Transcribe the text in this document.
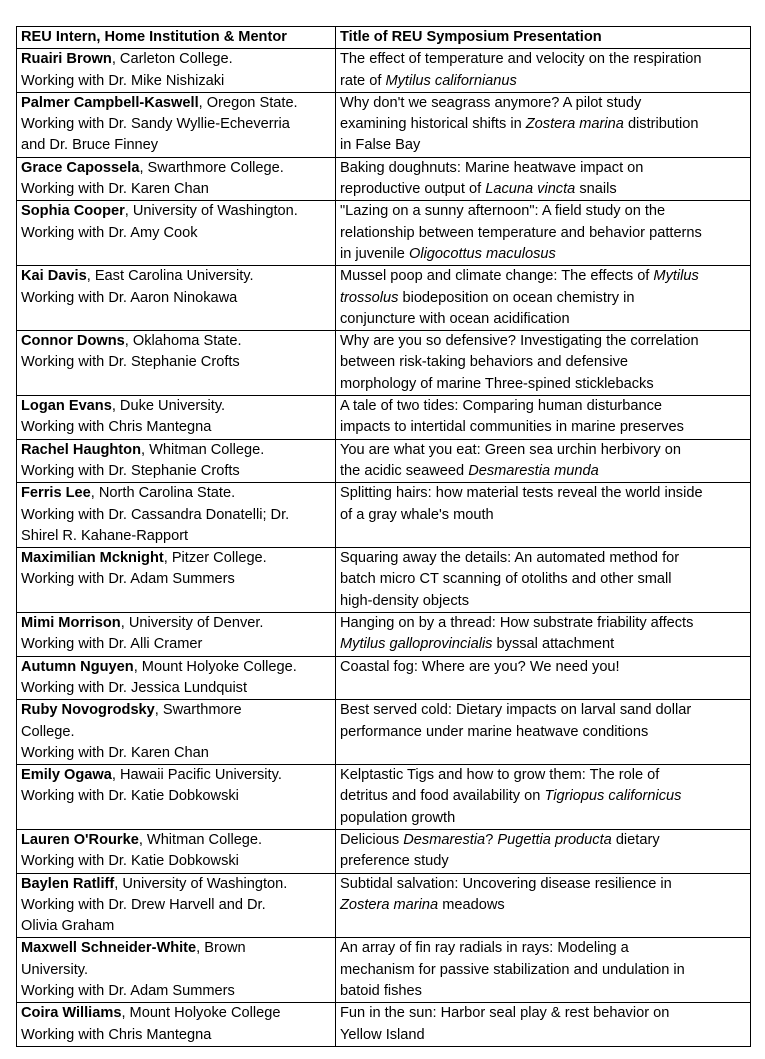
REU Intern, Home Institution & Mentor	Title of REU Symposium Presentation

Ruairi Brown, Carleton College.
Working with Dr. Mike Nishizaki	The effect of temperature and velocity on the respiration
rate of Mytilus californianus

Palmer Campbell-Kaswell, Oregon State.
Working with Dr. Sandy Wyllie-Echeverria
and Dr. Bruce Finney	Why don't we seagrass anymore? A pilot study
examining historical shifts in Zostera marina distribution
in False Bay

Grace Capossela, Swarthmore College.
Working with Dr. Karen Chan	Baking doughnuts: Marine heatwave impact on
reproductive output of Lacuna vincta snails

Sophia Cooper, University of Washington.
Working with Dr. Amy Cook	"Lazing on a sunny afternoon": A field study on the
relationship between temperature and behavior patterns
in juvenile Oligocottus maculosus

Kai Davis, East Carolina University.
Working with Dr. Aaron Ninokawa	Mussel poop and climate change: The effects of Mytilus
trossolus biodeposition on ocean chemistry in
conjuncture with ocean acidification

Connor Downs, Oklahoma State.
Working with Dr. Stephanie Crofts	Why are you so defensive? Investigating the correlation
between risk-taking behaviors and defensive
morphology of marine Three-spined sticklebacks

Logan Evans, Duke University.
Working with Chris Mantegna	A tale of two tides: Comparing human disturbance
impacts to intertidal communities in marine preserves

Rachel Haughton, Whitman College.
Working with Dr. Stephanie Crofts	You are what you eat: Green sea urchin herbivory on
the acidic seaweed Desmarestia munda

Ferris Lee, North Carolina State.
Working with Dr. Cassandra Donatelli; Dr.
Shirel R. Kahane-Rapport	Splitting hairs: how material tests reveal the world inside
of a gray whale's mouth

Maximilian Mcknight, Pitzer College.
Working with Dr. Adam Summers	Squaring away the details: An automated method for
batch micro CT scanning of otoliths and other small
high-density objects

Mimi Morrison, University of Denver.
Working with Dr. Alli Cramer	Hanging on by a thread: How substrate friability affects
Mytilus galloprovincialis byssal attachment

Autumn Nguyen, Mount Holyoke College.
Working with Dr. Jessica Lundquist	Coastal fog: Where are you? We need you!

Ruby Novogrodsky, Swarthmore
College.
Working with Dr. Karen Chan	Best served cold: Dietary impacts on larval sand dollar
performance under marine heatwave conditions

Emily Ogawa, Hawaii Pacific University.
Working with Dr. Katie Dobkowski	Kelptastic Tigs and how to grow them: The role of
detritus and food availability on Tigriopus californicus
population growth

Lauren O'Rourke, Whitman College.
Working with Dr. Katie Dobkowski	Delicious Desmarestia? Pugettia producta dietary
preference study

Baylen Ratliff, University of Washington.
Working with Dr. Drew Harvell and Dr.
Olivia Graham	Subtidal salvation: Uncovering disease resilience in
Zostera marina meadows

Maxwell Schneider-White, Brown
University.
Working with Dr. Adam Summers	An array of fin ray radials in rays: Modeling a
mechanism for passive stabilization and undulation in
batoid fishes

Coira Williams, Mount Holyoke College
Working with Chris Mantegna	Fun in the sun: Harbor seal play & rest behavior on
Yellow Island
